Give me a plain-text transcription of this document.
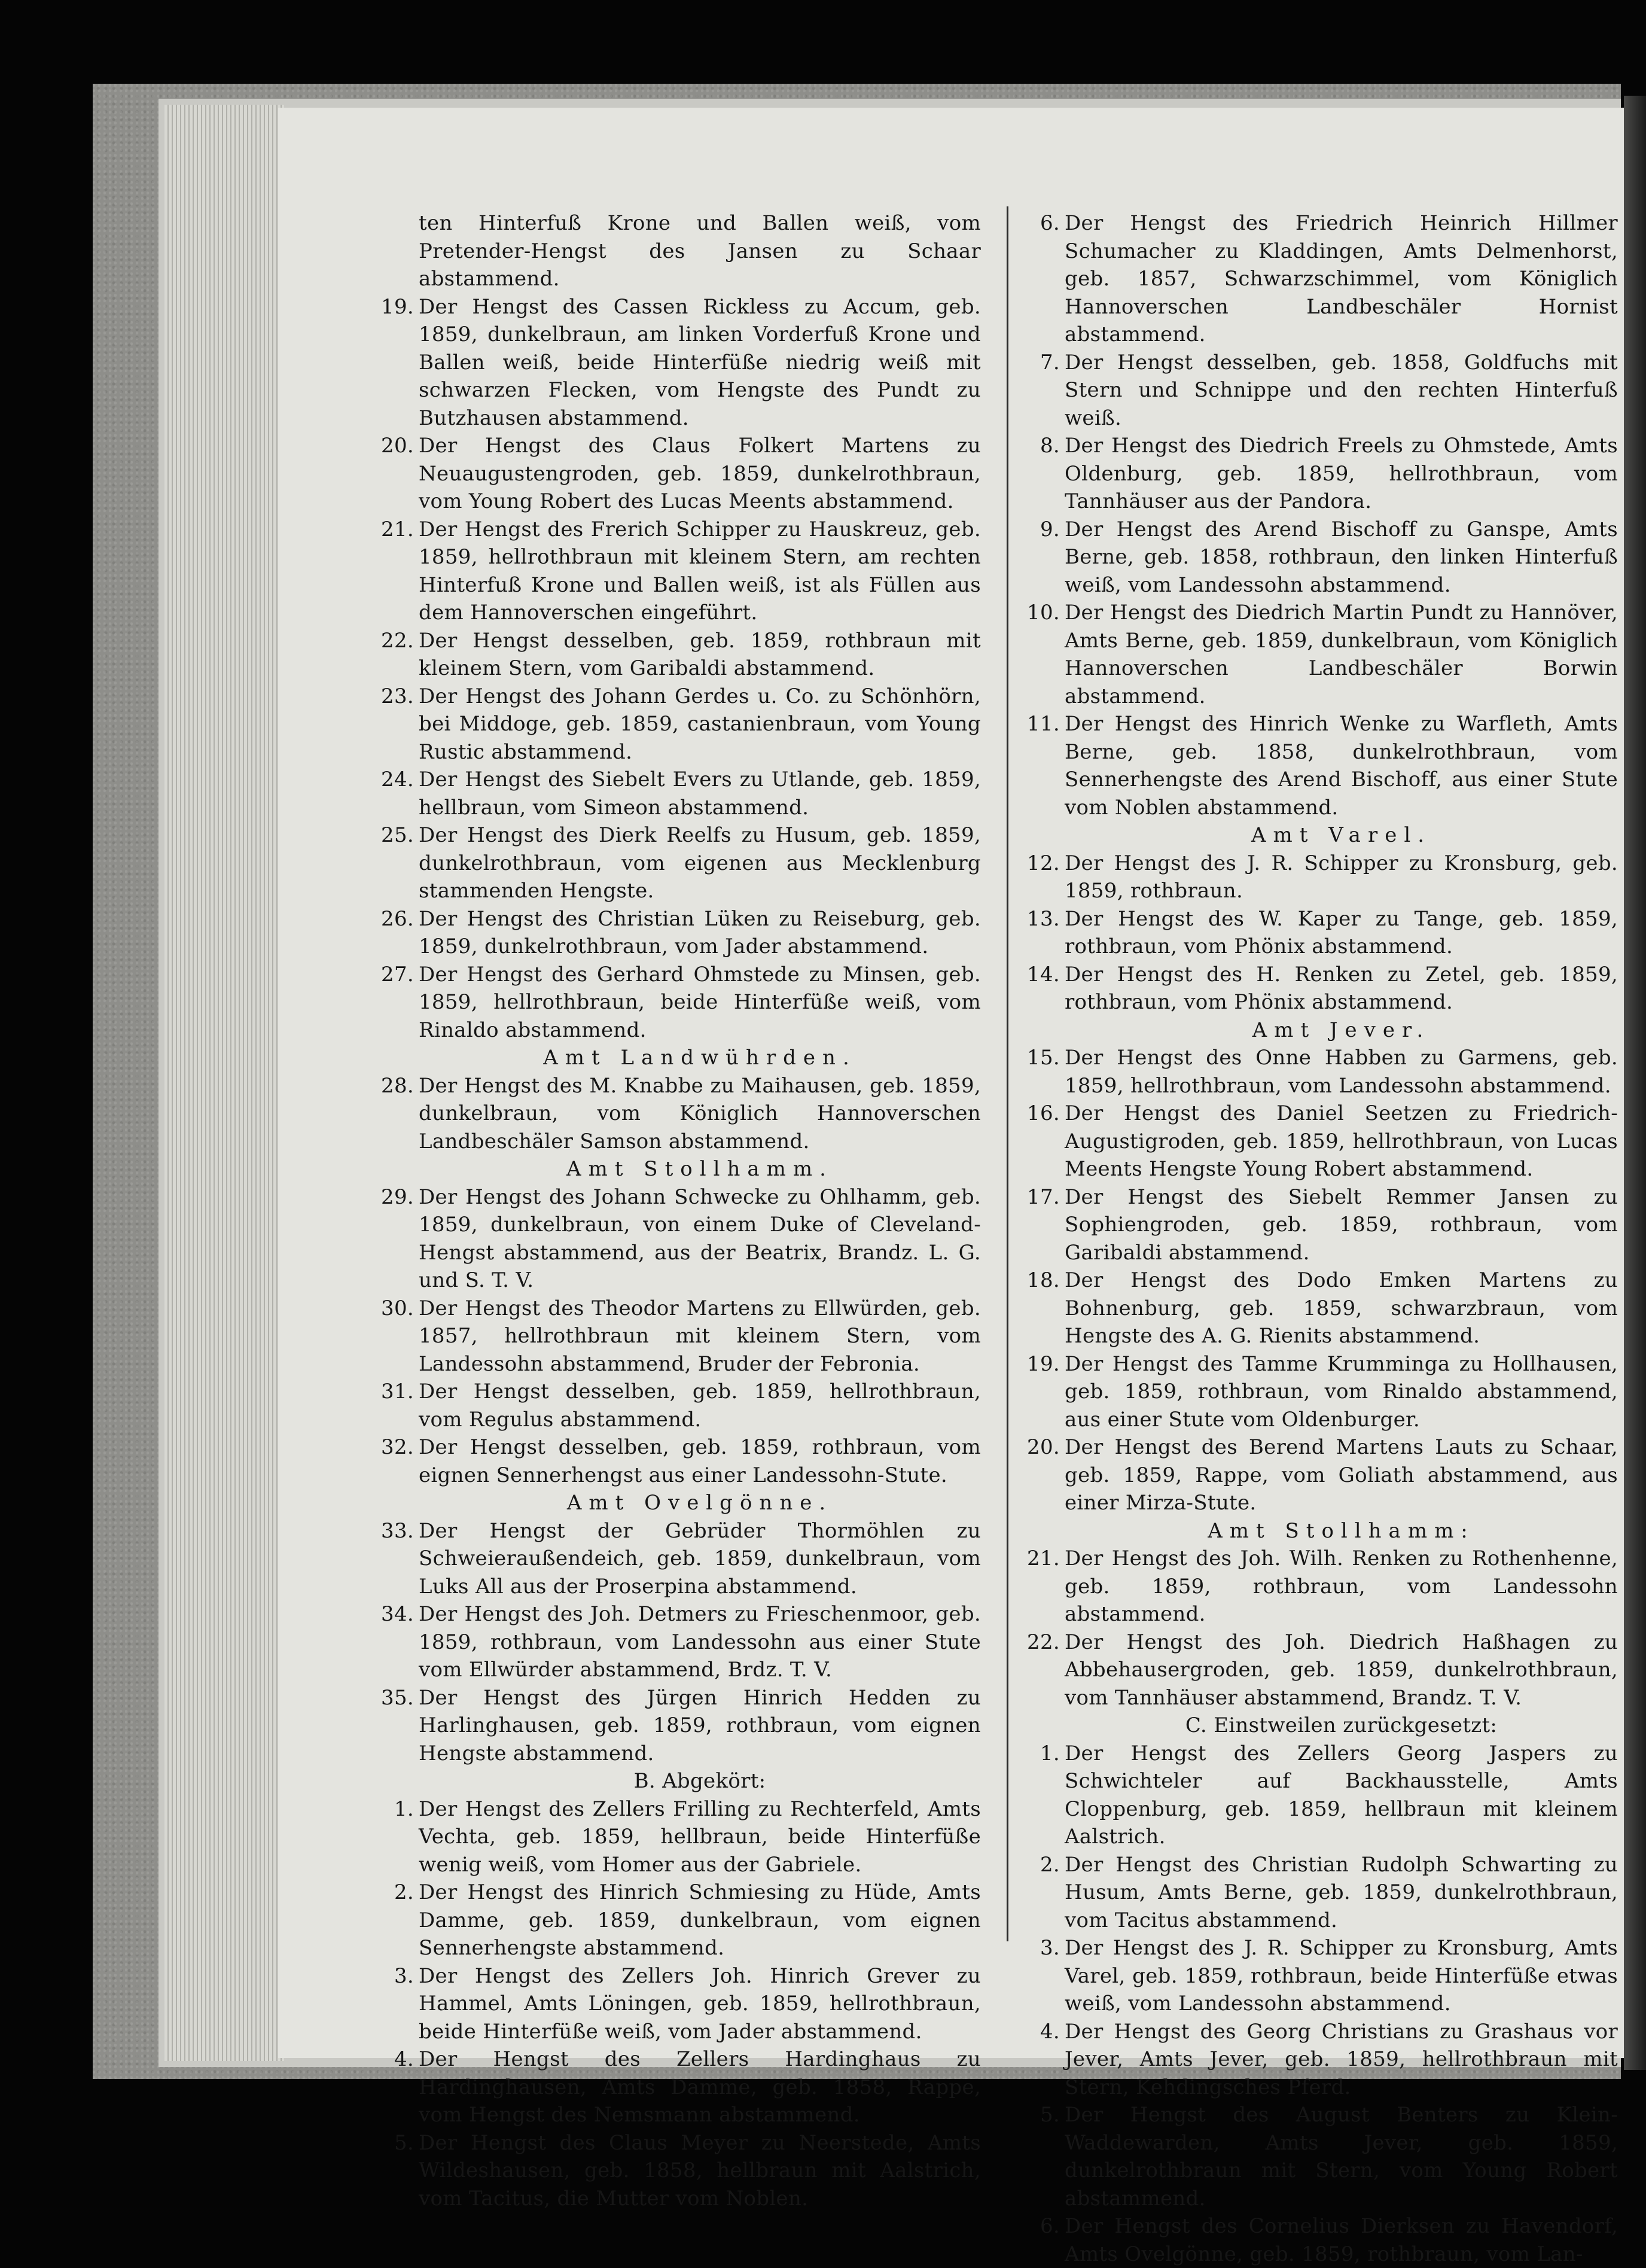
ten Hinterfuß Krone und Ballen weiß, vom Pretender-Hengst des Jansen zu Schaar abstammend.
19. Der Hengst des Cassen Rickless zu Accum, geb. 1859, dunkelbraun, am linken Vorderfuß Krone und Ballen weiß, beide Hinterfüße niedrig weiß mit schwarzen Flecken, vom Hengste des Pundt zu Butzhausen abstammend.
20. Der Hengst des Claus Folkert Martens zu Neuaugustengroden, geb. 1859, dunkelrothbraun, vom Young Robert des Lucas Meents abstammend.
21. Der Hengst des Frerich Schipper zu Hauskreuz, geb. 1859, hellrothbraun mit kleinem Stern, am rechten Hinterfuß Krone und Ballen weiß, ist als Füllen aus dem Hannoverschen eingeführt.
22. Der Hengst desselben, geb. 1859, rothbraun mit kleinem Stern, vom Garibaldi abstammend.
23. Der Hengst des Johann Gerdes u. Co. zu Schönhörn, bei Middoge, geb. 1859, castanienbraun, vom Young Rustic abstammend.
24. Der Hengst des Siebelt Evers zu Utlande, geb. 1859, hellbraun, vom Simeon abstammend.
25. Der Hengst des Dierk Reelfs zu Husum, geb. 1859, dunkelrothbraun, vom eigenen aus Mecklenburg stammenden Hengste.
26. Der Hengst des Christian Lüken zu Reiseburg, geb. 1859, dunkelrothbraun, vom Jader abstammend.
27. Der Hengst des Gerhard Ohmstede zu Minsen, geb. 1859, hellrothbraun, beide Hinterfüße weiß, vom Rinaldo abstammend.
Amt Landwührden.
28. Der Hengst des M. Knabbe zu Maihausen, geb. 1859, dunkelbraun, vom Königlich Hannoverschen Landbeschäler Samson abstammend.
Amt Stollhamm.
29. Der Hengst des Johann Schwecke zu Ohlhamm, geb. 1859, dunkelbraun, von einem Duke of Cleveland-Hengst abstammend, aus der Beatrix, Brandz. L. G. und S. T. V.
30. Der Hengst des Theodor Martens zu Ellwürden, geb. 1857, hellrothbraun mit kleinem Stern, vom Landessohn abstammend, Bruder der Febronia.
31. Der Hengst desselben, geb. 1859, hellrothbraun, vom Regulus abstammend.
32. Der Hengst desselben, geb. 1859, rothbraun, vom eignen Sennerhengst aus einer Landessohn-Stute.
Amt Ovelgönne.
33. Der Hengst der Gebrüder Thormöhlen zu Schweieraußendeich, geb. 1859, dunkelbraun, vom Luks All aus der Proserpina abstammend.
34. Der Hengst des Joh. Detmers zu Frieschenmoor, geb. 1859, rothbraun, vom Landessohn aus einer Stute vom Ellwürder abstammend, Brdz. T. V.
35. Der Hengst des Jürgen Hinrich Hedden zu Harlinghausen, geb. 1859, rothbraun, vom eignen Hengste abstammend.
B. Abgekört:
1. Der Hengst des Zellers Frilling zu Rechterfeld, Amts Vechta, geb. 1859, hellbraun, beide Hinterfüße wenig weiß, vom Homer aus der Gabriele.
2. Der Hengst des Hinrich Schmiesing zu Hüde, Amts Damme, geb. 1859, dunkelbraun, vom eignen Sennerhengste abstammend.
3. Der Hengst des Zellers Joh. Hinrich Grever zu Hammel, Amts Löningen, geb. 1859, hellrothbraun, beide Hinterfüße weiß, vom Jader abstammend.
4. Der Hengst des Zellers Hardinghaus zu Hardinghausen, Amts Damme, geb. 1858, Rappe, vom Hengst des Nemsmann abstammend.
5. Der Hengst des Claus Meyer zu Neerstede, Amts Wildeshausen, geb. 1858, hellbraun mit Aalstrich, vom Tacitus, die Mutter vom Noblen.
6. Der Hengst des Friedrich Heinrich Hillmer Schumacher zu Kladdingen, Amts Delmenhorst, geb. 1857, Schwarzschimmel, vom Königlich Hannoverschen Landbeschäler Hornist abstammend.
7. Der Hengst desselben, geb. 1858, Goldfuchs mit Stern und Schnippe und den rechten Hinterfuß weiß.
8. Der Hengst des Diedrich Freels zu Ohmstede, Amts Oldenburg, geb. 1859, hellrothbraun, vom Tannhäuser aus der Pandora.
9. Der Hengst des Arend Bischoff zu Ganspe, Amts Berne, geb. 1858, rothbraun, den linken Hinterfuß weiß, vom Landessohn abstammend.
10. Der Hengst des Diedrich Martin Pundt zu Hannöver, Amts Berne, geb. 1859, dunkelbraun, vom Königlich Hannoverschen Landbeschäler Borwin abstammend.
11. Der Hengst des Hinrich Wenke zu Warfleth, Amts Berne, geb. 1858, dunkelrothbraun, vom Sennerhengste des Arend Bischoff, aus einer Stute vom Noblen abstammend.
Amt Varel.
12. Der Hengst des J. R. Schipper zu Kronsburg, geb. 1859, rothbraun.
13. Der Hengst des W. Kaper zu Tange, geb. 1859, rothbraun, vom Phönix abstammend.
14. Der Hengst des H. Renken zu Zetel, geb. 1859, rothbraun, vom Phönix abstammend.
Amt Jever.
15. Der Hengst des Onne Habben zu Garmens, geb. 1859, hellrothbraun, vom Landessohn abstammend.
16. Der Hengst des Daniel Seetzen zu Friedrich-Augustigroden, geb. 1859, hellrothbraun, von Lucas Meents Hengste Young Robert abstammend.
17. Der Hengst des Siebelt Remmer Jansen zu Sophiengroden, geb. 1859, rothbraun, vom Garibaldi abstammend.
18. Der Hengst des Dodo Emken Martens zu Bohnenburg, geb. 1859, schwarzbraun, vom Hengste des A. G. Rienits abstammend.
19. Der Hengst des Tamme Krumminga zu Hollhausen, geb. 1859, rothbraun, vom Rinaldo abstammend, aus einer Stute vom Oldenburger.
20. Der Hengst des Berend Martens Lauts zu Schaar, geb. 1859, Rappe, vom Goliath abstammend, aus einer Mirza-Stute.
Amt Stollhamm:
21. Der Hengst des Joh. Wilh. Renken zu Rothenhenne, geb. 1859, rothbraun, vom Landessohn abstammend.
22. Der Hengst des Joh. Diedrich Haßhagen zu Abbehausergroden, geb. 1859, dunkelrothbraun, vom Tannhäuser abstammend, Brandz. T. V.
C. Einstweilen zurückgesetzt:
1. Der Hengst des Zellers Georg Jaspers zu Schwichteler auf Backhausstelle, Amts Cloppenburg, geb. 1859, hellbraun mit kleinem Aalstrich.
2. Der Hengst des Christian Rudolph Schwarting zu Husum, Amts Berne, geb. 1859, dunkelrothbraun, vom Tacitus abstammend.
3. Der Hengst des J. R. Schipper zu Kronsburg, Amts Varel, geb. 1859, rothbraun, beide Hinterfüße etwas weiß, vom Landessohn abstammend.
4. Der Hengst des Georg Christians zu Grashaus vor Jever, Amts Jever, geb. 1859, hellrothbraun mit Stern, Kehdingsches Pferd.
5. Der Hengst des August Benters zu Klein-Waddewarden, Amts Jever, geb. 1859, dunkelrothbraun mit Stern, vom Young Robert abstammend.
6. Der Hengst des Cornelius Dierksen zu Havendorf, Amts Ovelgönne, geb. 1859, rothbraun, vom Lan-
